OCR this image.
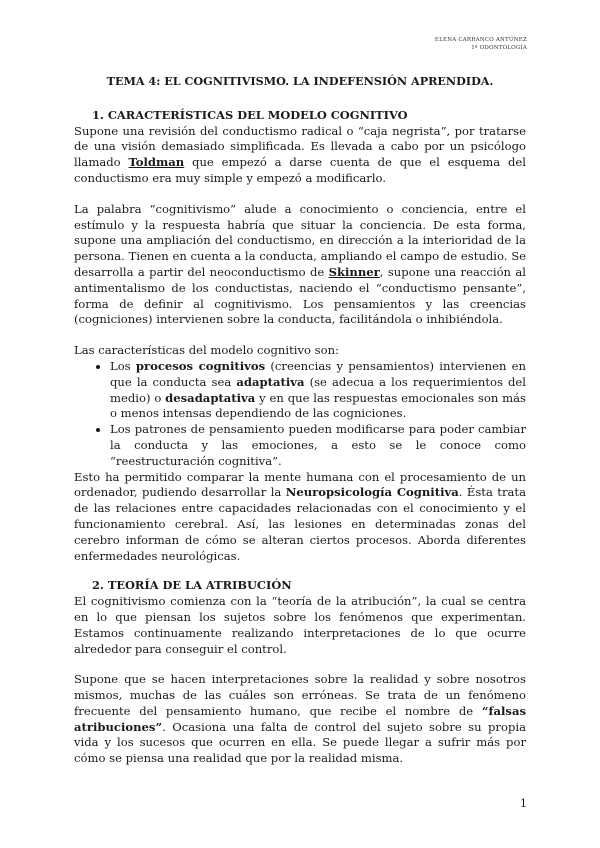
ELENA CARRANCO ANTÚNEZ
1º ODONTOLOGÍA
TEMA 4: EL COGNITIVISMO. LA INDEFENSIÓN APRENDIDA.
1. CARACTERÍSTICAS DEL MODELO COGNITIVO

Supone una revisión del conductismo radical o “caja negrista”, por tratarse de una visión demasiado simplificada. Es llevada a cabo por un psicólogo llamado Toldman que empezó a darse cuenta de que el esquema del conductismo era muy simple y empezó a modificarlo.

La palabra “cognitivismo” alude a conocimiento o conciencia, entre el estímulo y la respuesta habría que situar la conciencia. De esta forma, supone una ampliación del conductismo, en dirección a la interioridad de la persona. Tienen en cuenta a la conducta, ampliando el campo de estudio. Se desarrolla a partir del neoconductismo de Skinner, supone una reacción al antimentalismo de los conductistas, naciendo el “conductismo pensante”, forma de definir al cognitivismo. Los pensamientos y las creencias (cogniciones) intervienen sobre la conducta, facilitándola o inhibiéndola.

Las características del modelo cognitivo son:

• Los procesos cognitivos (creencias y pensamientos) intervienen en que la conducta sea adaptativa (se adecua a los requerimientos del medio) o desadaptativa y en que las respuestas emocionales son más o menos intensas dependiendo de las cogniciones.
• Los patrones de pensamiento pueden modificarse para poder cambiar la conducta y las emociones, a esto se le conoce como “reestructuración cognitiva”.

Esto ha permitido comparar la mente humana con el procesamiento de un ordenador, pudiendo desarrollar la Neuropsicología Cognitiva. Ésta trata de las relaciones entre capacidades relacionadas con el conocimiento y el funcionamiento cerebral. Así, las lesiones en determinadas zonas del cerebro informan de cómo se alteran ciertos procesos. Aborda diferentes enfermedades neurológicas.

2. TEORÍA DE LA ATRIBUCIÓN

El cognitivismo comienza con la “teoría de la atribución”, la cual se centra en lo que piensan los sujetos sobre los fenómenos que experimentan. Estamos continuamente realizando interpretaciones de lo que ocurre alrededor para conseguir el control.

Supone que se hacen interpretaciones sobre la realidad y sobre nosotros mismos, muchas de las cuáles son erróneas. Se trata de un fenómeno frecuente del pensamiento humano, que recibe el nombre de “falsas atribuciones”. Ocasiona una falta de control del sujeto sobre su propia vida y los sucesos que ocurren en ella. Se puede llegar a sufrir más por cómo se piensa una realidad que por la realidad misma.

1
